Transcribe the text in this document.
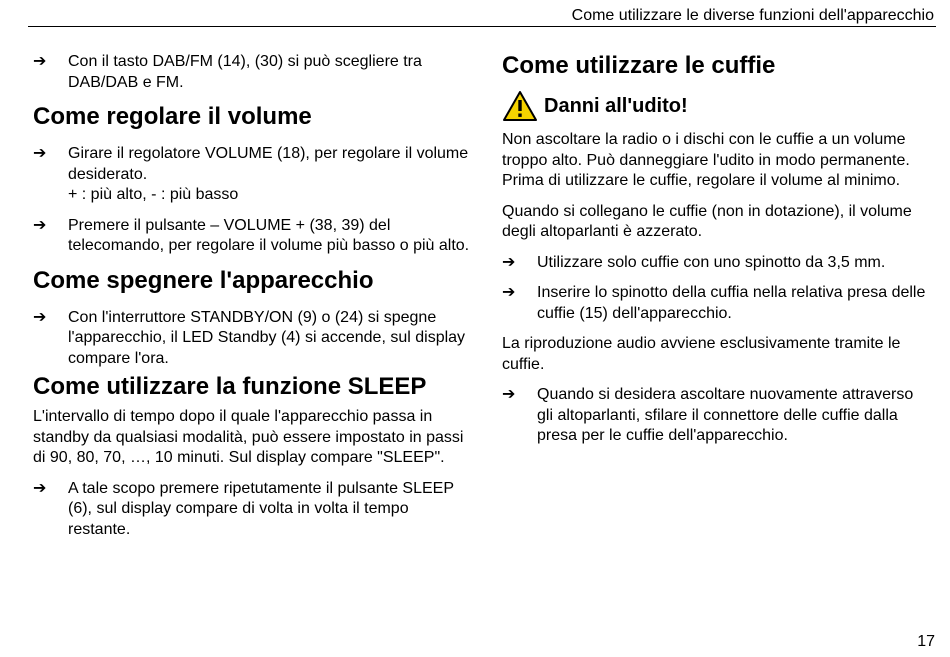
Come utilizzare le diverse funzioni dell'apparecchio
➔	Con il tasto DAB/FM (14), (30) si può scegliere tra DAB/DAB e FM.
Come regolare il volume
➔	Girare il regolatore VOLUME (18), per regolare il volume desiderato.
+ : più alto, - : più basso
➔	Premere il pulsante – VOLUME + (38, 39) del telecomando, per regolare il volume più basso o più alto.
Come spegnere l'apparecchio
➔	Con l'interruttore STANDBY/ON (9) o (24) si spegne l'apparecchio, il LED Standby (4) si accende, sul display compare l'ora.
Come utilizzare la funzione SLEEP
L'intervallo di tempo dopo il quale l'apparecchio passa in standby da qualsiasi modalità, può essere impostato in passi di 90, 80, 70, …, 10 minuti. Sul display compare "SLEEP".
➔	A tale scopo premere ripetutamente il pulsante SLEEP (6), sul display compare di volta in volta il tempo restante.
Come utilizzare le cuffie
Danni all'udito!
Non ascoltare la radio o i dischi con le cuffie a un volume troppo alto. Può danneggiare l'udito in modo permanente. Prima di utilizzare le cuffie, regolare il volume al minimo.
Quando si collegano le cuffie (non in dotazione), il volume degli altoparlanti è azzerato.
➔	Utilizzare solo cuffie con uno spinotto da 3,5 mm.
➔	Inserire lo spinotto della cuffia nella relativa presa delle cuffie (15) dell'apparecchio.
La riproduzione audio avviene esclusivamente tramite le cuffie.
➔	Quando si desidera ascoltare nuovamente attraverso gli altoparlanti, sfilare il connettore delle cuffie dalla presa per le cuffie dell'apparecchio.
17
